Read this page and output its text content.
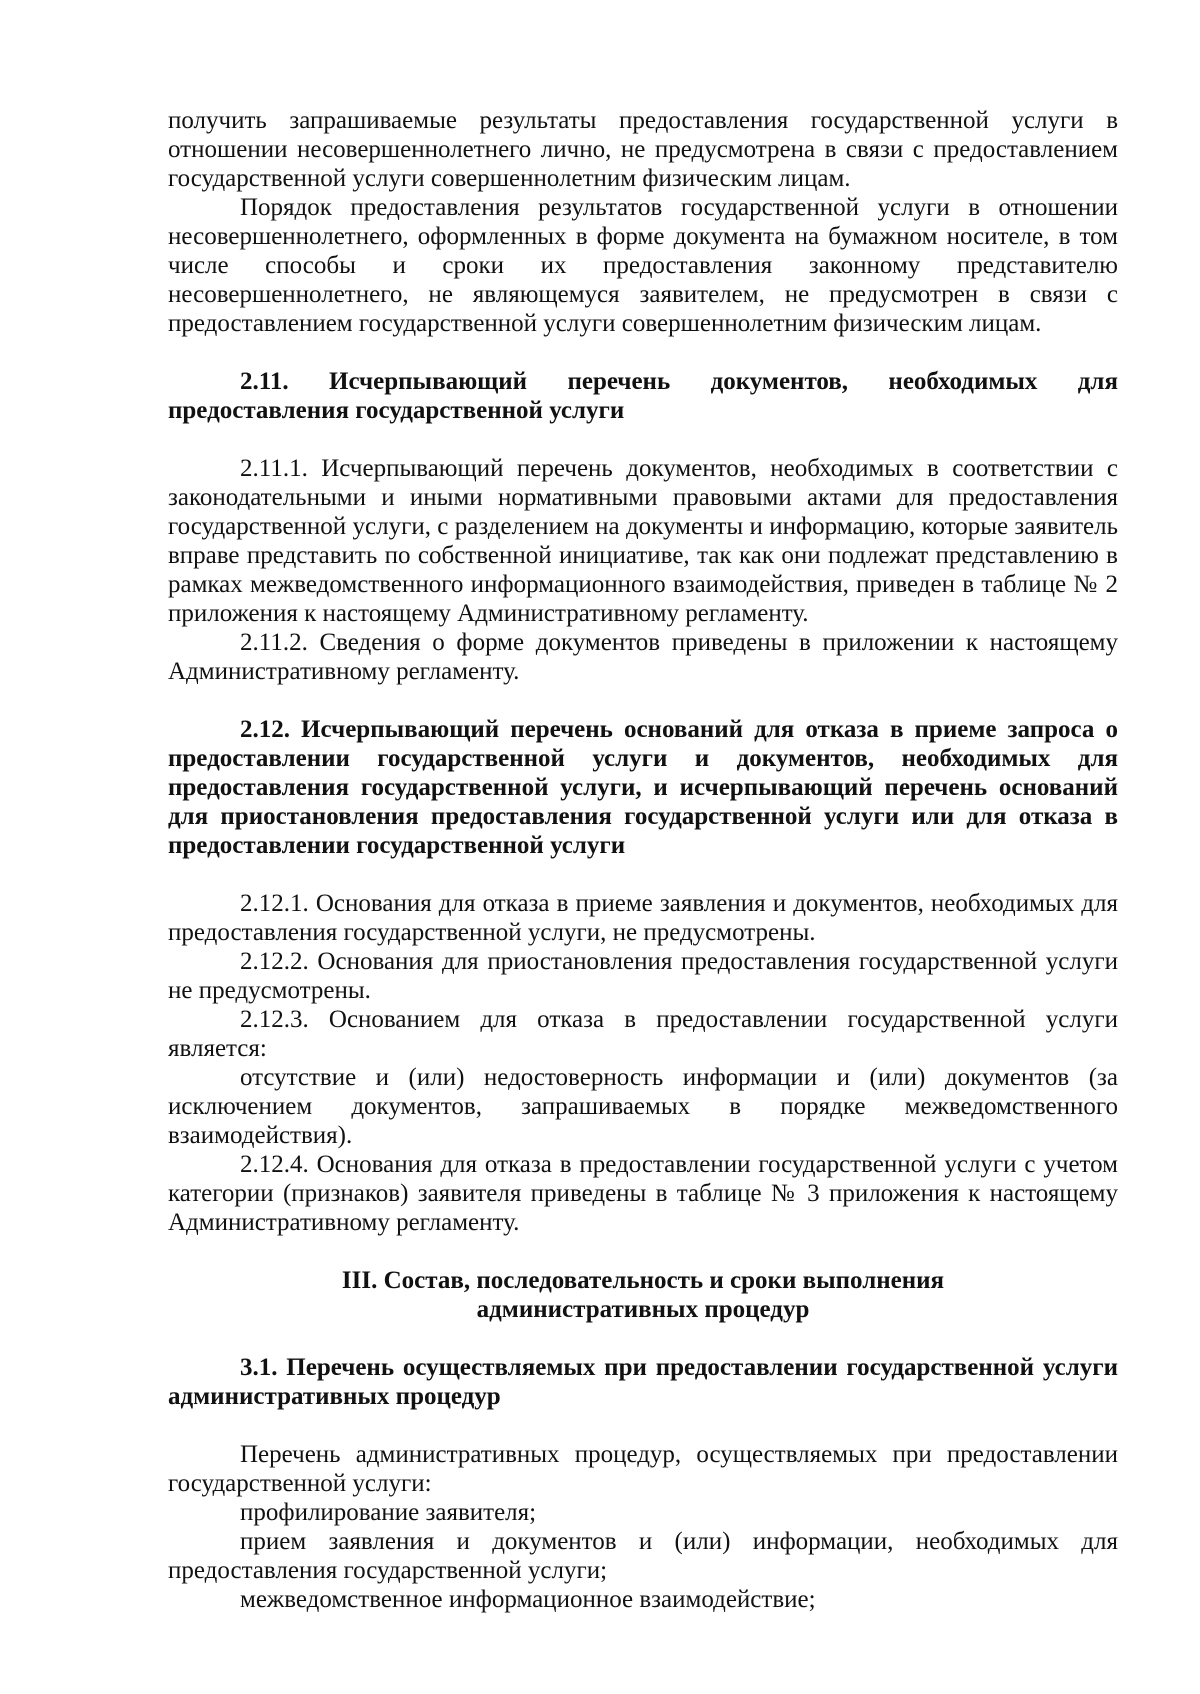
получить запрашиваемые результаты предоставления государственной услуги в отношении несовершеннолетнего лично, не предусмотрена в связи с предоставлением государственной услуги совершеннолетним физическим лицам.

Порядок предоставления результатов государственной услуги в отношении несовершеннолетнего, оформленных в форме документа на бумажном носителе, в том числе способы и сроки их предоставления законному представителю несовершеннолетнего, не являющемуся заявителем, не предусмотрен в связи с предоставлением государственной услуги совершеннолетним физическим лицам.

2.11. Исчерпывающий перечень документов, необходимых для предоставления государственной услуги

2.11.1. Исчерпывающий перечень документов, необходимых в соответствии с законодательными и иными нормативными правовыми актами для предоставления государственной услуги, с разделением на документы и информацию, которые заявитель вправе представить по собственной инициативе, так как они подлежат представлению в рамках межведомственного информационного взаимодействия, приведен в таблице № 2 приложения к настоящему Административному регламенту.

2.11.2. Сведения о форме документов приведены в приложении к настоящему Административному регламенту.

2.12. Исчерпывающий перечень оснований для отказа в приеме запроса о предоставлении государственной услуги и документов, необходимых для предоставления государственной услуги, и исчерпывающий перечень оснований для приостановления предоставления государственной услуги или для отказа в предоставлении государственной услуги

2.12.1. Основания для отказа в приеме заявления и документов, необходимых для предоставления государственной услуги, не предусмотрены.

2.12.2. Основания для приостановления предоставления государственной услуги не предусмотрены.

2.12.3. Основанием для отказа в предоставлении государственной услуги является:

отсутствие и (или) недостоверность информации и (или) документов (за исключением документов, запрашиваемых в порядке межведомственного взаимодействия).

2.12.4. Основания для отказа в предоставлении государственной услуги с учетом категории (признаков) заявителя приведены в таблице № 3 приложения к настоящему Административному регламенту.

III. Состав, последовательность и сроки выполнения

административных процедур

3.1. Перечень осуществляемых при предоставлении государственной услуги административных процедур

Перечень административных процедур, осуществляемых при предоставлении государственной услуги:

профилирование заявителя;

прием заявления и документов и (или) информации, необходимых для предоставления государственной услуги;

межведомственное информационное взаимодействие;
